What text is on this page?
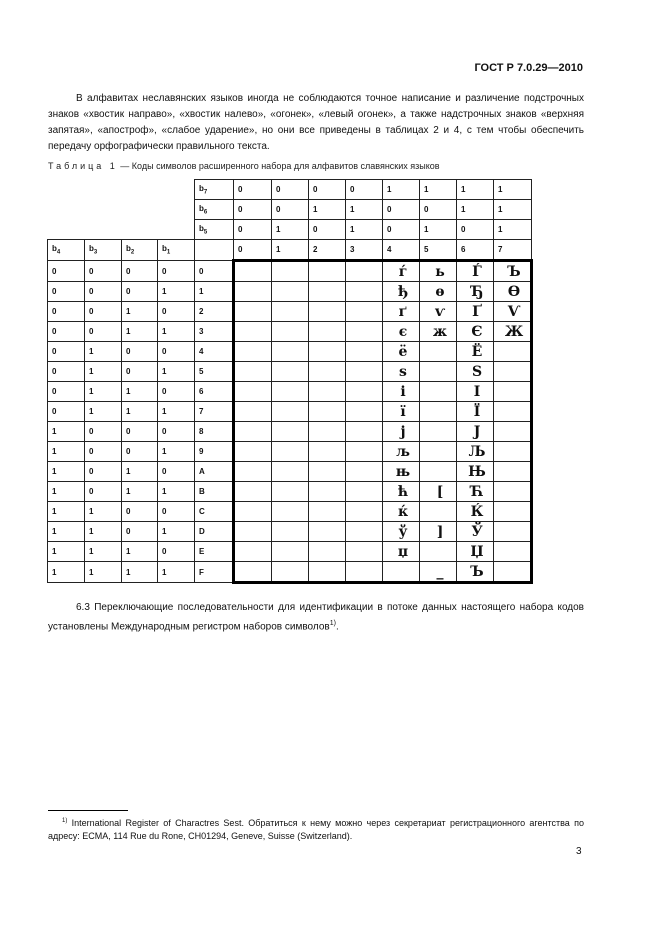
ГОСТ Р 7.0.29—2010
В алфавитах неславянских языков иногда не соблюдаются точное написание и различение подстрочных знаков «хвостик направо», «хвостик налево», «огонек», «левый огонек», а также надстрочных знаков «верхняя запятая», «апостроф», «слабое ударение», но они все приведены в таблицах 2 и 4, с тем чтобы обеспечить передачу орфографически правильного текста.
Таблица 1 — Коды символов расширенного набора для алфавитов славянских языков
				$b_7$	0	0	0	0	1	1	1	1
				$b_6$	0	0	1	1	0	0	1	1
				$b_5$	0	1	0	1	0	1	0	1
$b_4$	$b_3$	$b_2$	$b_1$		0	1	2	3	4	5	6	7
0	0	0	0	0					ѓ	ь	Ѓ	Ъ
0	0	0	1	1					ђ	ѳ	Ђ	Ѳ
0	0	1	0	2					ґ	ѵ	Ґ	Ѵ
0	0	1	1	3					є	ж	Є	Ж
0	1	0	0	4					ё		Ё	
0	1	0	1	5					ѕ		Ѕ	
0	1	1	0	6					і		І	
0	1	1	1	7					ї		Ї	
1	0	0	0	8					ј		Ј	
1	0	0	1	9					љ		Љ	
1	0	1	0	A					њ		Њ	
1	0	1	1	B					ћ	[	Ћ	
1	1	0	0	C					ќ		Ќ	
1	1	0	1	D					ў	]	Ў	
1	1	1	0	E					џ		Џ	
1	1	1	1	F						_	Ъ	
6.3 Переключающие последовательности для идентификации в потоке данных настоящего набора кодов установлены Международным регистром наборов символов$^{1)}$.
$^{1)}$ International Register of Charactres Sest. Обратиться к нему можно через секретариат регистрационного агентства по адресу: ECMA, 114 Rue du Rone, CH01294, Geneve, Suisse (Switzerland).
3
